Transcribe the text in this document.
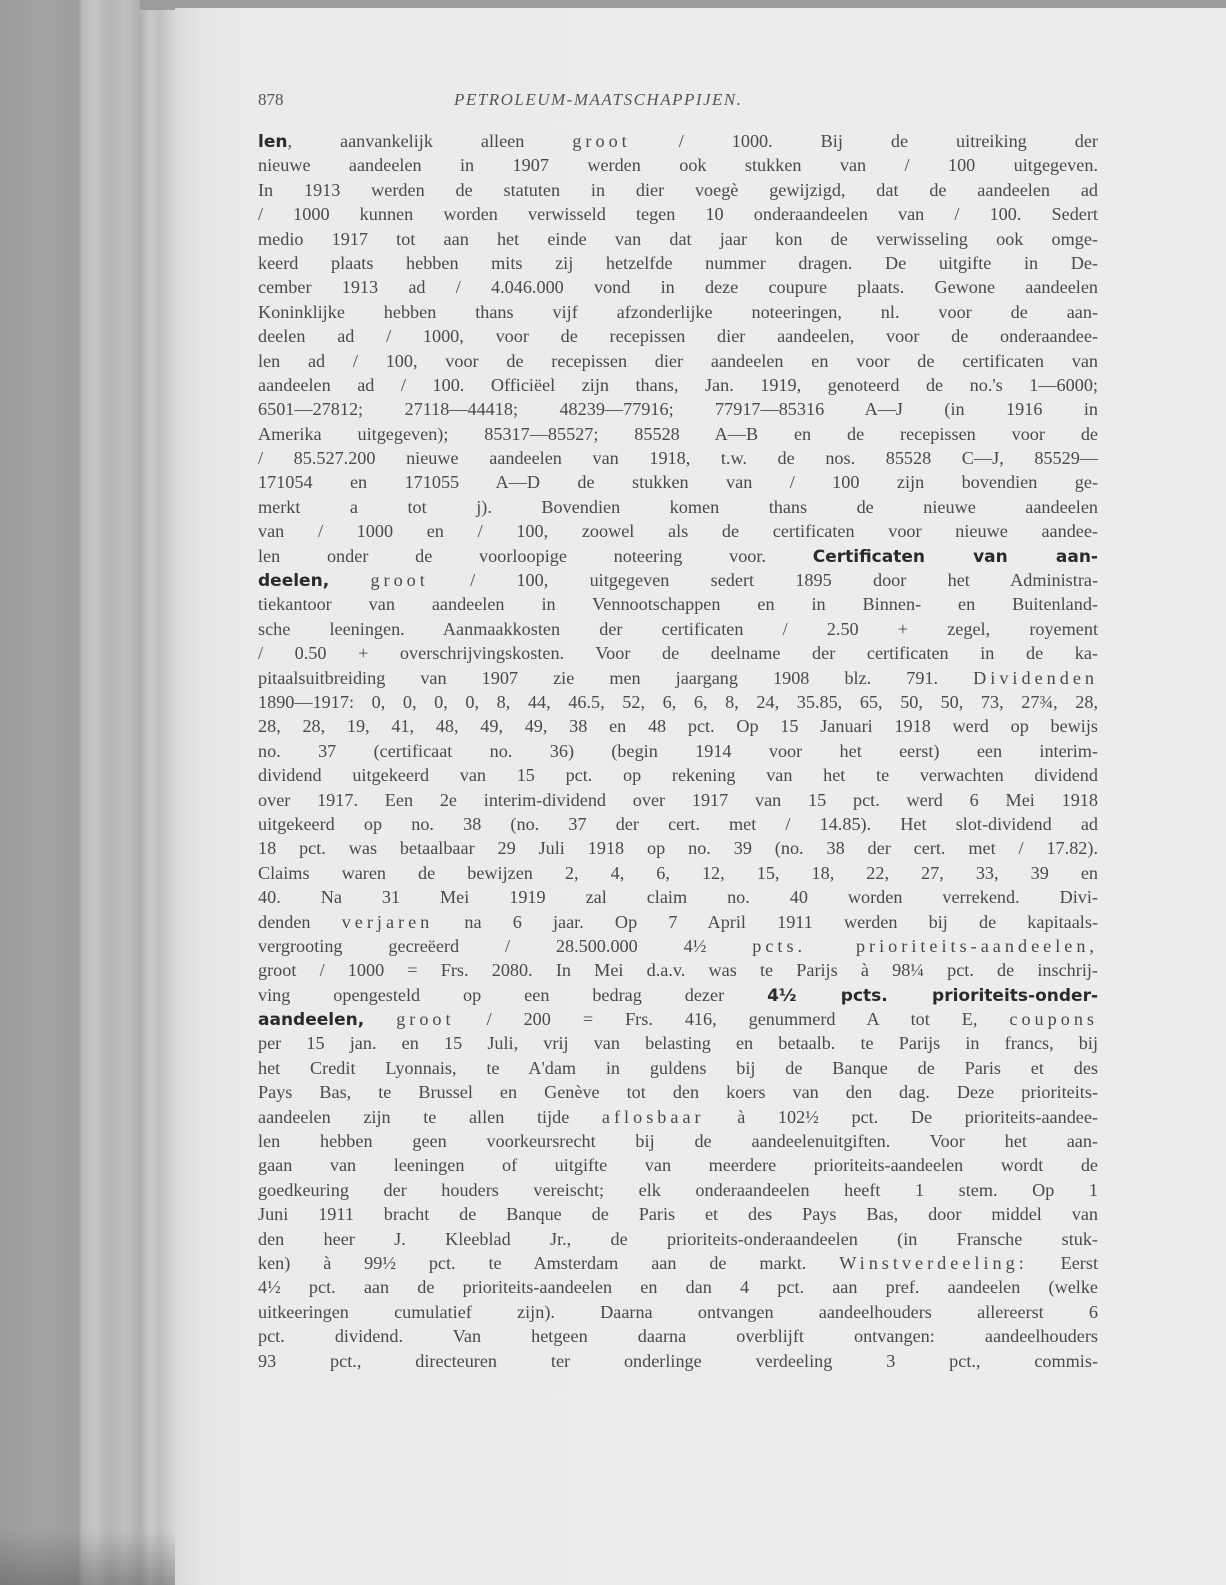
878	PETROLEUM-MAATSCHAPPIJEN.
len, aanvankelijk alleen groot / 1000. Bij de uitreiking der
nieuwe aandeelen in 1907 werden ook stukken van / 100 uitgegeven.
In 1913 werden de statuten in dier voegè gewijzigd, dat de aandeelen ad
/ 1000 kunnen worden verwisseld tegen 10 onderaandeelen van / 100. Sedert
medio 1917 tot aan het einde van dat jaar kon de verwisseling ook omge-
keerd plaats hebben mits zij hetzelfde nummer dragen. De uitgifte in De-
cember 1913 ad / 4.046.000 vond in deze coupure plaats. Gewone aandeelen
Koninklijke hebben thans vijf afzonderlijke noteeringen, nl. voor de aan-
deelen ad / 1000, voor de recepissen dier aandeelen, voor de onderaandee-
len ad / 100, voor de recepissen dier aandeelen en voor de certificaten van
aandeelen ad / 100. Officiëel zijn thans, Jan. 1919, genoteerd de no.'s 1—6000;
6501—27812; 27118—44418; 48239—77916; 77917—85316 A—J (in 1916 in
Amerika uitgegeven); 85317—85527; 85528 A—B en de recepissen voor de
/ 85.527.200 nieuwe aandeelen van 1918, t.w. de nos. 85528 C—J, 85529—
171054 en 171055 A—D de stukken van / 100 zijn bovendien ge-
merkt a tot j). Bovendien komen thans de nieuwe aandeelen
van / 1000 en / 100, zoowel als de certificaten voor nieuwe aandee-
len onder de voorloopige noteering voor. Certificaten van aan-
deelen, groot / 100, uitgegeven sedert 1895 door het Administra-
tiekantoor van aandeelen in Vennootschappen en in Binnen- en Buitenland-
sche leeningen. Aanmaakkosten der certificaten / 2.50 + zegel, royement
/ 0.50 + overschrijvingskosten. Voor de deelname der certificaten in de ka-
pitaalsuitbreiding van 1907 zie men jaargang 1908 blz. 791. Dividenden
1890—1917: 0, 0, 0, 0, 8, 44, 46.5, 52, 6, 6, 8, 24, 35.85, 65, 50, 50, 73, 27¾, 28,
28, 28, 19, 41, 48, 49, 49, 38 en 48 pct. Op 15 Januari 1918 werd op bewijs
no. 37 (certificaat no. 36) (begin 1914 voor het eerst) een interim-
dividend uitgekeerd van 15 pct. op rekening van het te verwachten dividend
over 1917. Een 2e interim-dividend over 1917 van 15 pct. werd 6 Mei 1918
uitgekeerd op no. 38 (no. 37 der cert. met / 14.85). Het slot-dividend ad
18 pct. was betaalbaar 29 Juli 1918 op no. 39 (no. 38 der cert. met / 17.82).
Claims waren de bewijzen 2, 4, 6, 12, 15, 18, 22, 27, 33, 39 en
40. Na 31 Mei 1919 zal claim no. 40 worden verrekend. Divi-
denden verjaren na 6 jaar. Op 7 April 1911 werden bij de kapitaals-
vergrooting gecreëerd / 28.500.000 4½ pcts. prioriteits-aandeelen,
groot / 1000 = Frs. 2080. In Mei d.a.v. was te Parijs à 98¼ pct. de inschrij-
ving opengesteld op een bedrag dezer 4½ pcts. prioriteits-onder-
aandeelen, groot / 200 = Frs. 416, genummerd A tot E, coupons
per 15 jan. en 15 Juli, vrij van belasting en betaalb. te Parijs in francs, bij
het Credit Lyonnais, te A'dam in guldens bij de Banque de Paris et des
Pays Bas, te Brussel en Genève tot den koers van den dag. Deze prioriteits-
aandeelen zijn te allen tijde aflosbaar à 102½ pct. De prioriteits-aandee-
len hebben geen voorkeursrecht bij de aandeelenuitgiften. Voor het aan-
gaan van leeningen of uitgifte van meerdere prioriteits-aandeelen wordt de
goedkeuring der houders vereischt; elk onderaandeelen heeft 1 stem. Op 1
Juni 1911 bracht de Banque de Paris et des Pays Bas, door middel van
den heer J. Kleeblad Jr., de prioriteits-onderaandeelen (in Fransche stuk-
ken) à 99½ pct. te Amsterdam aan de markt. Winstverdeeling: Eerst
4½ pct. aan de prioriteits-aandeelen en dan 4 pct. aan pref. aandeelen (welke
uitkeeringen cumulatief zijn). Daarna ontvangen aandeelhouders allereerst 6
pct. dividend. Van hetgeen daarna overblijft ontvangen: aandeelhouders
93 pct., directeuren ter onderlinge verdeeling 3 pct., commis-
